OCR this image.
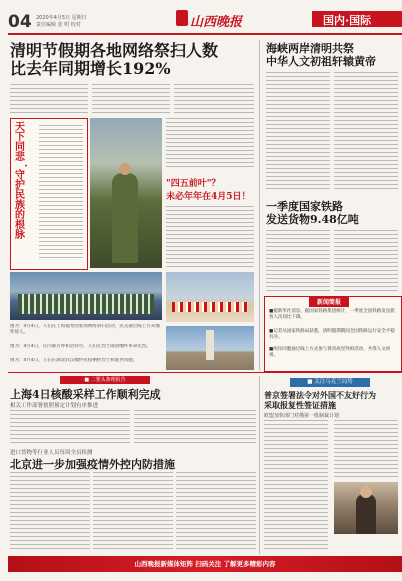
04 2020年4月5日 星期日
责任编辑 张 明 校对	山西晚报	国内·国际
清明节假期各地网络祭扫人数
比去年同期增长192%
天
下
同
悲
·
守
护
民
族
的
根
脉
"四五前叶"？
未必年年在4月5日！
图为：4月4日，人们在上海福寿园参加网络祭扫活动，民众通过线上方式缅怀故人。
图为：4月4日，在内蒙古呼和浩特市，人们在烈士陵园缅怀革命先烈。
图为：4月4日，人们在湖北武汉缅怀抗疫牺牲烈士和逝世同胞。
海峡两岸清明共祭
中华人文初祖轩辕黄帝
一季度国家铁路
发送货物9.48亿吨
新闻简报
■据新华社消息，据国家铁路集团统计，一季度全国铁路发送旅客人次同比下降。
■记者从国家铁路局获悉，清明假期期间全国铁路运行安全平稳有序。
■两岸同胞通过线上方式参与黄帝故里拜祖活动，共祭人文初祖。
■ 二要头条理报告
上海4日核酸采样工作顺利完成
相关工作部署按照预定计划有序推进
进口货物等行业人员每周全员检测
北京进一步加强疫情外控内防措施
■ 关注乌克兰局势
普京签署法令对外国不友好行为
采取报复性签证措施
欧盟加快部门对俄第一批制裁计划
山西晚报新媒体矩阵 扫码关注 了解更多精彩内容
